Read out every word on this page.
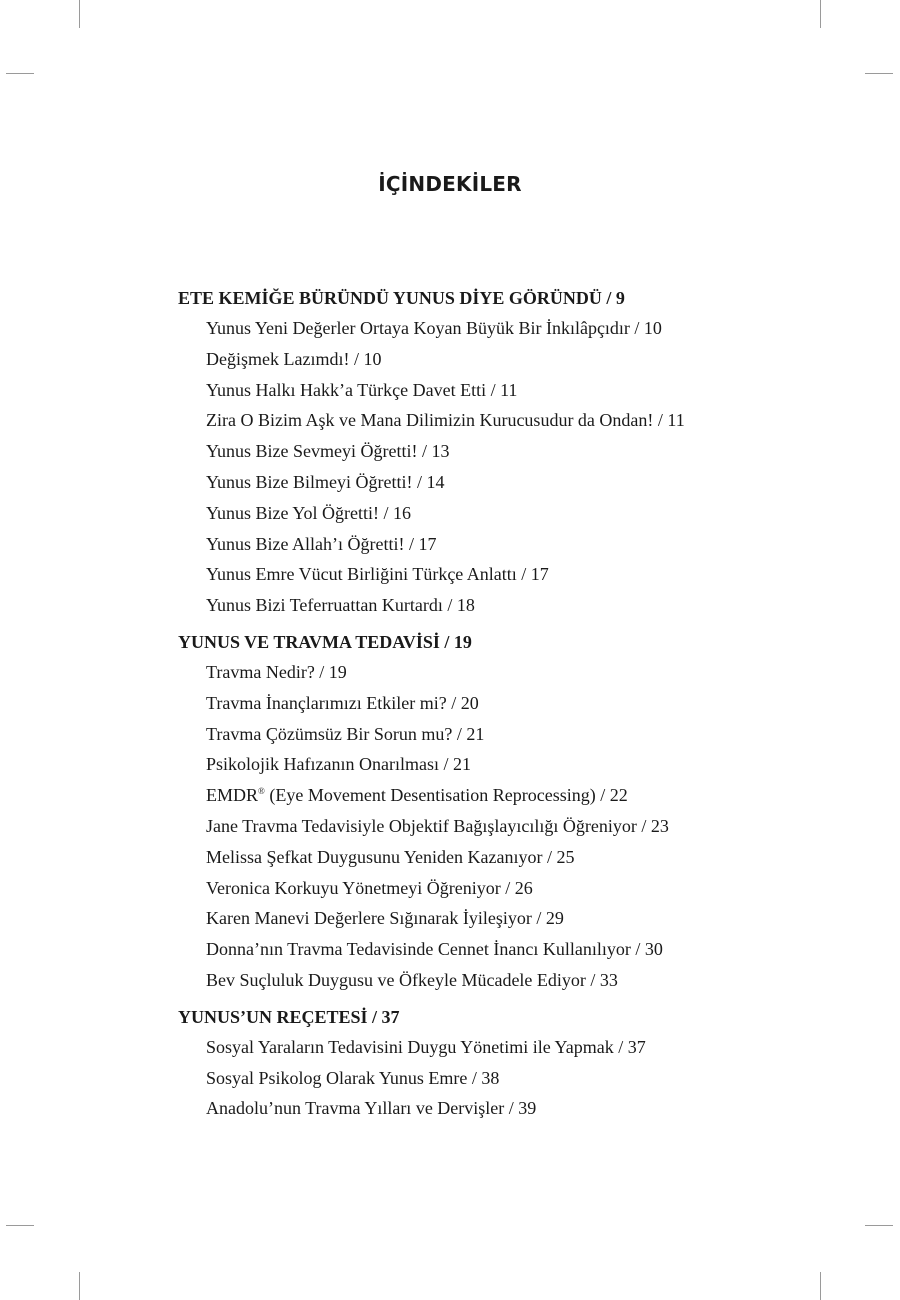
İÇİNDEKİLER
ETE KEMİĞE BÜRÜNDÜ YUNUS DİYE GÖRÜNDÜ / 9
Yunus Yeni Değerler Ortaya Koyan Büyük Bir İnkılâpçıdır / 10
Değişmek Lazımdı! / 10
Yunus Halkı Hakk’a Türkçe Davet Etti / 11
Zira O Bizim Aşk ve Mana Dilimizin Kurucusudur da Ondan! / 11
Yunus Bize Sevmeyi Öğretti! / 13
Yunus Bize Bilmeyi Öğretti! / 14
Yunus Bize Yol Öğretti! / 16
Yunus Bize Allah’ı Öğretti! / 17
Yunus Emre Vücut Birliğini Türkçe Anlattı / 17
Yunus Bizi Teferruattan Kurtardı / 18
YUNUS VE TRAVMA TEDAVİSİ / 19
Travma Nedir? / 19
Travma İnançlarımızı Etkiler mi? / 20
Travma Çözümsüz Bir Sorun mu? / 21
Psikolojik Hafızanın Onarılması / 21
EMDR® (Eye Movement Desentisation Reprocessing) / 22
Jane Travma Tedavisiyle Objektif Bağışlayıcılığı Öğreniyor / 23
Melissa Şefkat Duygusunu Yeniden Kazanıyor / 25
Veronica Korkuyu Yönetmeyi Öğreniyor / 26
Karen Manevi Değerlere Sığınarak İyileşiyor / 29
Donna’nın Travma Tedavisinde Cennet İnancı Kullanılıyor / 30
Bev Suçluluk Duygusu ve Öfkeyle Mücadele Ediyor / 33
YUNUS’UN REÇETESİ / 37
Sosyal Yaraların Tedavisini Duygu Yönetimi ile Yapmak / 37
Sosyal Psikolog Olarak Yunus Emre / 38
Anadolu’nun Travma Yılları ve Dervişler / 39
